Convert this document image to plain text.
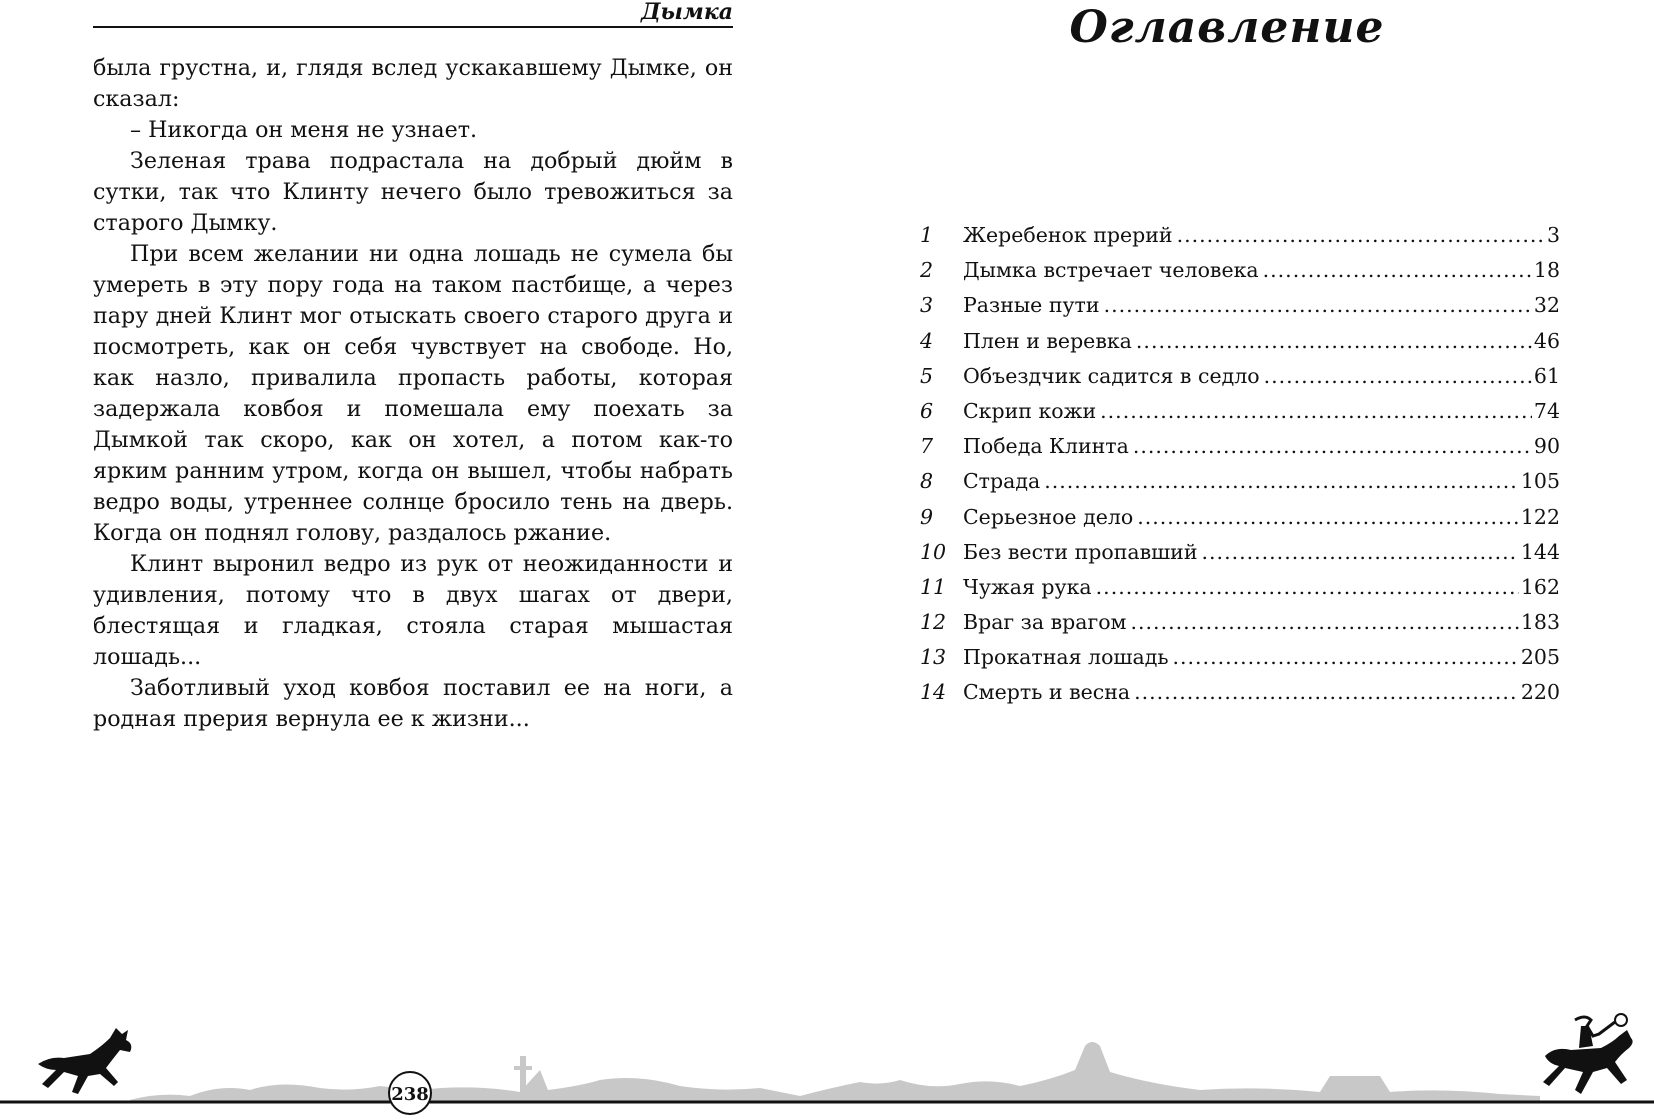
Дымка

была грустна, и, глядя вслед ускакавшему Дымке, он сказал:

– Никогда он меня не узнает.

Зеленая трава подрастала на добрый дюйм в сутки, так что Клинту нечего было тревожиться за старого Дымку.

При всем желании ни одна лошадь не сумела бы умереть в эту пору года на таком пастбище, а через пару дней Клинт мог отыскать своего старого друга и посмотреть, как он себя чувствует на свободе. Но, как назло, привалила пропасть работы, которая задержала ковбоя и помешала ему поехать за Дымкой так скоро, как он хотел, а потом как-то ярким ранним утром, когда он вышел, чтобы набрать ведро воды, утреннее солнце бросило тень на дверь. Когда он поднял голову, раздалось ржание.

Клинт выронил ведро из рук от неожиданности и удивления, потому что в двух шагах от двери, блестящая и гладкая, стояла старая мышастая лошадь...

Заботливый уход ковбоя поставил ее на ноги, а родная прерия вернула ее к жизни...

Оглавление
1	Жеребенок прерий .....	3
2	Дымка встречает человека .....	18
3	Разные пути .....	32
4	Плен и веревка .....	46
5	Объездчик садится в седло .....	61
6	Скрип кожи .....	74
7	Победа Клинта .....	90
8	Страда .....	105
9	Серьезное дело .....	122
10 Без вести пропавший .....	144
11 Чужая рука .....	162
12 Враг за врагом .....	183
13 Прокатная лошадь .....	205
14 Смерть и весна .....	220
238
